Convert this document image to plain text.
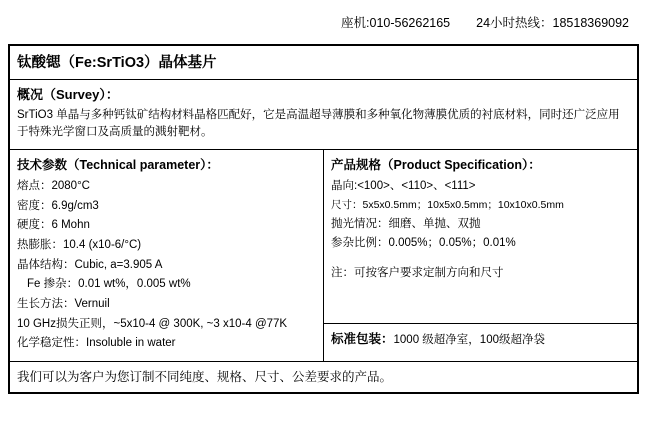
座机:010-56262165 24小时热线：18518369092
钛酸锶（Fe:SrTiO3）晶体基片

概况（Survey）：
SrTiO3 单晶与多种钙钛矿结构材料晶格匹配好，它是高温超导薄膜和多种氧化物薄膜优质的衬底材料，同时还广泛应用于特殊光学窗口及高质量的溅射靶材。

技术参数（Technical parameter）：
熔点：2080°C
密度：6.9g/cm3
硬度：6 Mohn
热膨胀：10.4 (x10-6/°C)
晶体结构：Cubic, a=3.905 A
Fe 掺杂：0.01 wt%，0.005 wt%
生长方法：Vernuil
10 GHz损失正则，~5x10-4 @ 300K, ~3 x10-4 @77K
化学稳定性：Insoluble in water

产品规格（Product Specification）：
晶向:<100>、<110>、<111>
尺寸：5x5x0.5mm；10x5x0.5mm；10x10x0.5mm
抛光情况：细磨、单抛、双抛
参杂比例：0.005%；0.05%；0.01%
注：可按客户要求定制方向和尺寸

标准包装：1000 级超净室，100级超净袋
我们可以为客户为您订制不同纯度、规格、尺寸、公差要求的产品。
